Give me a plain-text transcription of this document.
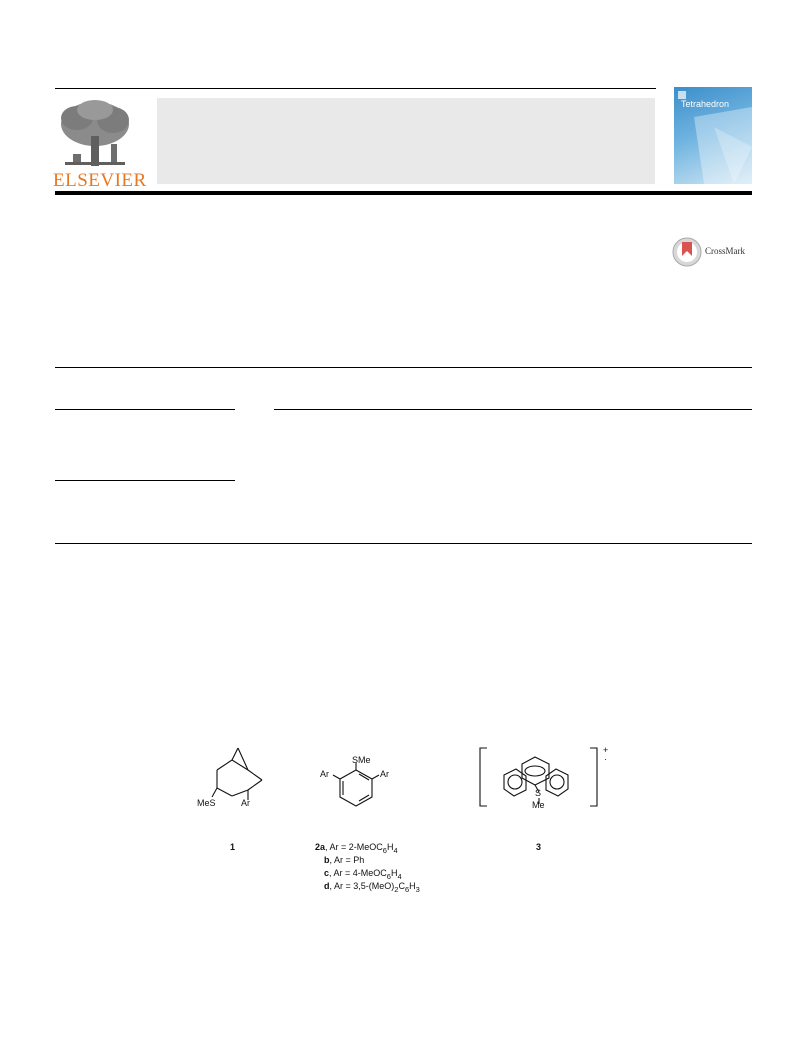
ELSEVIER
Tetrahedron
CrossMark
MeS	Ar
1
SMe
Ar	Ar
2a, $Ar = 2-MeOC_6H_4$
b, Ar = Ph
c, $Ar = 4-MeOC_6H_4$
d, $Ar = 3,5-(MeO)_2C_6H_3$
+
·
S
Me
3
